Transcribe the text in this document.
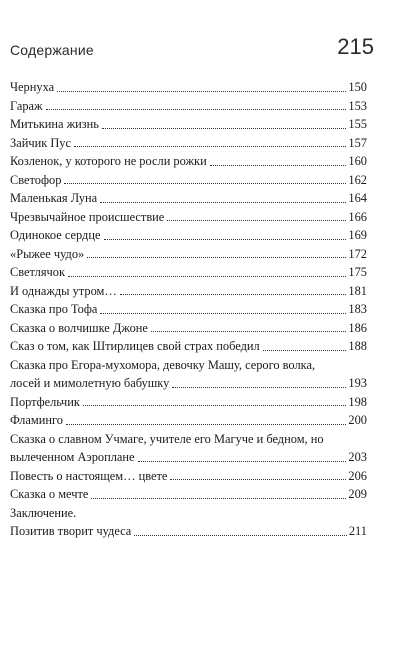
Содержание	215
Чернуха	150
Гараж	153
Митькина жизнь	155
Зайчик Пус	157
Козленок, у которого не росли рожки	160
Светофор	162
Маленькая Луна	164
Чрезвычайное происшествие	166
Одинокое сердце	169
«Рыжее чудо»	172
Светлячок	175
И однажды утром…	181
Сказка про Тофа	183
Сказка о волчишке Джоне	186
Сказ о том, как Штирлицев свой страх победил	188
Сказка про Егора-мухомора, девочку Машу, серого волка,
лосей и мимолетную бабушку	193
Портфельчик	198
Фламинго	200
Сказка о славном Учмаге, учителе его Магуче и бедном, но
вылеченном Аэроплане	203
Повесть о настоящем… цвете	206
Сказка о мечте	209
Заключение.
Позитив творит чудеса	211
